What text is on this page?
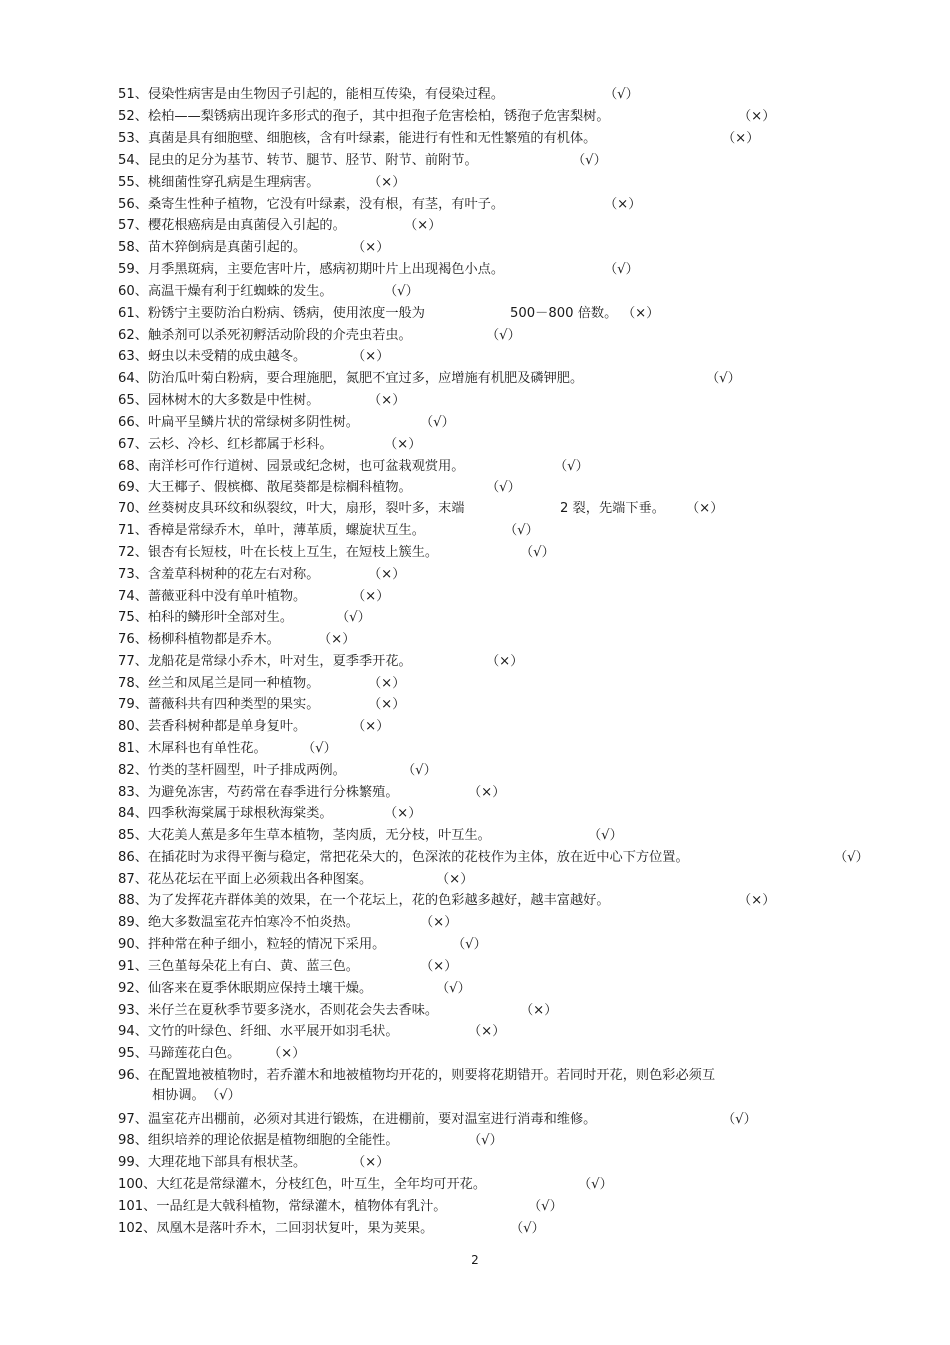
51、侵染性病害是由生物因子引起的，能相互传染，有侵染过程。	（√）
52、桧柏——梨锈病出现许多形式的孢子，其中担孢子危害桧柏，锈孢子危害梨树。	（×）
53、真菌是具有细胞壁、细胞核，含有叶绿素，能进行有性和无性繁殖的有机体。	（×）
54、昆虫的足分为基节、转节、腿节、胫节、附节、前附节。	（√）
55、桃细菌性穿孔病是生理病害。	（×）
56、桑寄生性种子植物，它没有叶绿素，没有根，有茎，有叶子。	（×）
57、樱花根癌病是由真菌侵入引起的。	（×）
58、苗木猝倒病是真菌引起的。	（×）
59、月季黑斑病，主要危害叶片，感病初期叶片上出现褐色小点。	（√）
60、高温干燥有利于红蜘蛛的发生。	（√）
61、粉锈宁主要防治白粉病、锈病，使用浓度一般为	500－800 倍数。 （×）
62、触杀剂可以杀死初孵活动阶段的介壳虫若虫。	（√）
63、蚜虫以未受精的成虫越冬。	（×）
64、防治瓜叶菊白粉病，要合理施肥，氮肥不宜过多，应增施有机肥及磷钾肥。	（√）
65、园林树木的大多数是中性树。	（×）
66、叶扁平呈鳞片状的常绿树多阴性树。	（√）
67、云杉、冷杉、红杉都属于杉科。	（×）
68、南洋杉可作行道树、园景或纪念树，也可盆栽观赏用。	（√）
69、大王椰子、假槟榔、散尾葵都是棕榈科植物。	（√）
70、丝葵树皮具环纹和纵裂纹，叶大，扇形，裂叶多，末端	2 裂，先端下垂。 （×）
71、香樟是常绿乔木，单叶，薄革质，螺旋状互生。	（√）
72、银杏有长短枝，叶在长枝上互生，在短枝上簇生。	（√）
73、含羞草科树种的花左右对称。	（×）
74、蔷薇亚科中没有单叶植物。	（×）
75、柏科的鳞形叶全部对生。	（√）
76、杨柳科植物都是乔木。	（×）
77、龙船花是常绿小乔木，叶对生，夏季季开花。	（×）
78、丝兰和凤尾兰是同一种植物。	（×）
79、蔷薇科共有四种类型的果实。	（×）
80、芸香科树种都是单身复叶。	（×）
81、木犀科也有单性花。	（√）
82、竹类的茎杆圆型，叶子排成两例。	（√）
83、为避免冻害，芍药常在春季进行分株繁殖。	（×）
84、四季秋海棠属于球根秋海棠类。	（×）
85、大花美人蕉是多年生草本植物，茎肉质，无分枝，叶互生。	（√）
86、在插花时为求得平衡与稳定，常把花朵大的，色深浓的花枝作为主体，放在近中心下方位置。	（√）
87、花丛花坛在平面上必须栽出各种图案。	（×）
88、为了发挥花卉群体美的效果，在一个花坛上，花的色彩越多越好，越丰富越好。	（×）
89、绝大多数温室花卉怕寒冷不怕炎热。	（×）
90、拌种常在种子细小，粒轻的情况下采用。	（√）
91、三色堇每朵花上有白、黄、蓝三色。	（×）
92、仙客来在夏季休眠期应保持土壤干燥。	（√）
93、米仔兰在夏秋季节要多浇水，否则花会失去香味。	（×）
94、文竹的叶绿色、纤细、水平展开如羽毛状。	（×）
95、马蹄莲花白色。 （×）
96、在配置地被植物时，若乔灌木和地被植物均开花的，则要将花期错开。若同时开花，则色彩必须互
相协调。 （√）
97、温室花卉出棚前，必须对其进行锻炼，在进棚前，要对温室进行消毒和维修。	（√）
98、组织培养的理论依据是植物细胞的全能性。	（√）
99、大理花地下部具有根状茎。	（×）
100、大红花是常绿灌木，分枝红色，叶互生，全年均可开花。	（√）
101、一品红是大戟科植物，常绿灌木，植物体有乳汁。	（√）
102、凤凰木是落叶乔木，二回羽状复叶，果为荚果。	（√）
2
